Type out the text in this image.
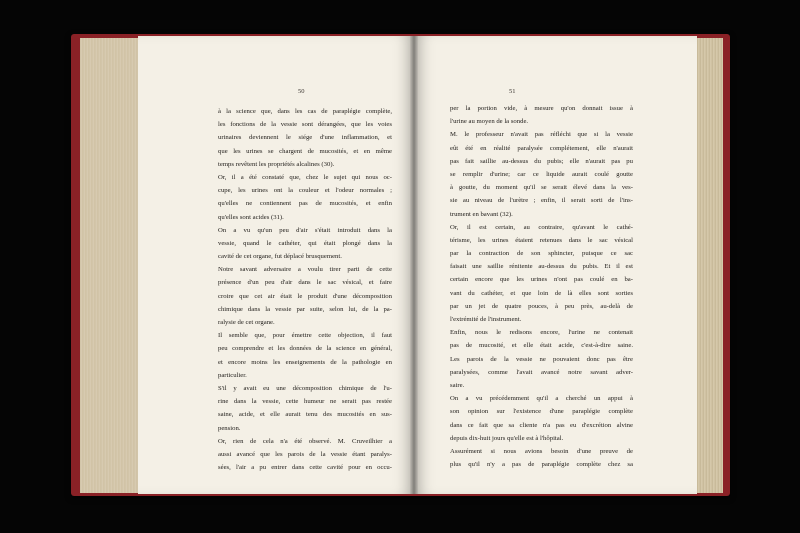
50
à la science que, dans les cas de paraplégie complète,
les fonctions de la vessie sont dérangées, que les voies
urinaires deviennent le siége d'une inflammation, et
que les urines se chargent de mucosités, et en même
temps revêtent les propriétés alcalines (30).
Or, il a été constaté que, chez le sujet qui nous oc-
cupe, les urines ont la couleur et l'odeur normales ;
qu'elles ne contiennent pas de mucosités, et enfin
qu'elles sont acides (31).
On a vu qu'un peu d'air s'était introduit dans la
vessie, quand le cathéter, qui était plongé dans la
cavité de cet organe, fut déplacé brusquement.
Notre savant adversaire a voulu tirer parti de cette
présence d'un peu d'air dans le sac vésical, et faire
croire que cet air était le produit d'une décomposition
chimique dans la vessie par suite, selon lui, de la pa-
ralysie de cet organe.
Il semble que, pour émettre cette objection, il faut
peu comprendre et les données de la science en général,
et encore moins les enseignements de la pathologie en
particulier.
S'il y avait eu une décomposition chimique de l'u-
rine dans la vessie, cette humeur ne serait pas restée
saine, acide, et elle aurait tenu des mucosités en sus-
pension.
Or, rien de cela n'a été observé. M. Cruveilhier a
aussi avancé que les parois de la vessie étant paralys-
sées, l'air a pu entrer dans cette cavité pour en occu-
51
per la portion vide, à mesure qu'on donnait issue à
l'urine au moyen de la sonde.
M. le professeur n'avait pas réfléchi que si la vessie
eût été en réalité paralysée complétement, elle n'aurait
pas fait saillie au-dessus du pubis; elle n'aurait pas pu
se remplir d'urine; car ce liquide aurait coulé goutte
à goutte, du moment qu'il se serait élevé dans la ves-
sie au niveau de l'urètre ; enfin, il serait sorti de l'ins-
trument en bavant (32).
Or, il est certain, au contraire, qu'avant le cathé-
térisme, les urines étaient retenues dans le sac vésical
par la contraction de son sphincter, puisque ce sac
faisait une saillie rénitente au-dessus du pubis. Et il est
certain encore que les urines n'ont pas coulé en ba-
vant du cathéter, et que loin de là elles sont sorties
par un jet de quatre pouces, à peu près, au-delà de
l'extrémité de l'instrument.
Enfin, nous le redisons encore, l'urine ne contenait
pas de mucosité, et elle était acide, c'est-à-dire saine.
Les parois de la vessie ne pouvaient donc pas être
paralysées, comme l'avait avancé notre savant adver-
saire.
On a vu précédemment qu'il a cherché un appui à
son opinion sur l'existence d'une paraplégie complète
dans ce fait que sa cliente n'a pas eu d'excrétion alvine
depuis dix-huit jours qu'elle est à l'hôpital.
Assurément si nous avions besoin d'une preuve de
plus qu'il n'y a pas de paraplégie complète chez sa
